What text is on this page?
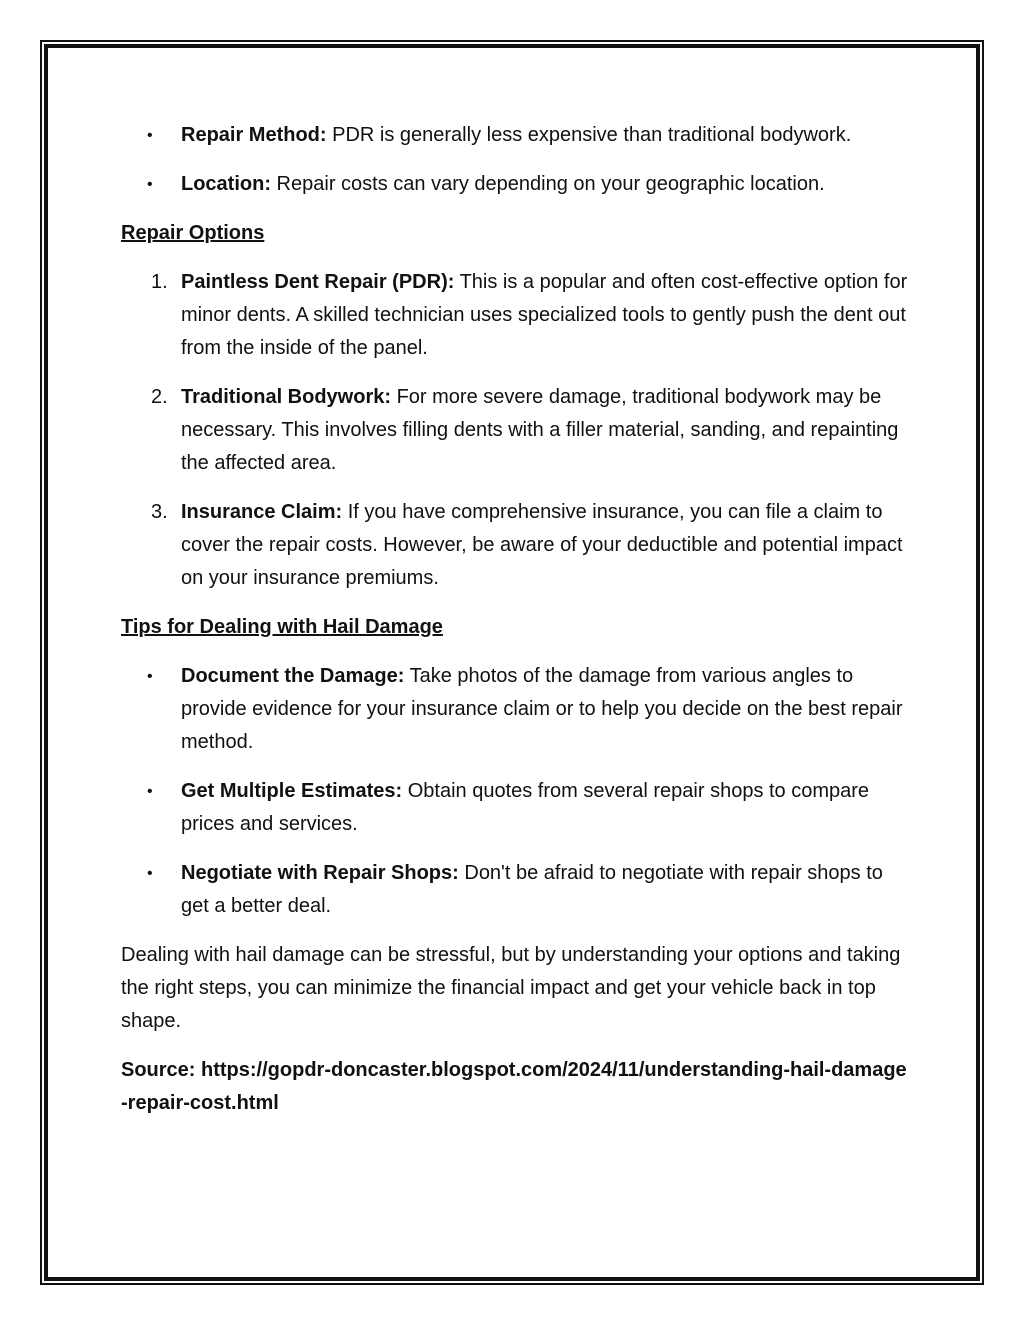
• Repair Method: PDR is generally less expensive than traditional bodywork.
• Location: Repair costs can vary depending on your geographic location.
Repair Options
1. Paintless Dent Repair (PDR): This is a popular and often cost-effective option for minor dents. A skilled technician uses specialized tools to gently push the dent out from the inside of the panel.
2. Traditional Bodywork: For more severe damage, traditional bodywork may be necessary. This involves filling dents with a filler material, sanding, and repainting the affected area.
3. Insurance Claim: If you have comprehensive insurance, you can file a claim to cover the repair costs. However, be aware of your deductible and potential impact on your insurance premiums.
Tips for Dealing with Hail Damage
• Document the Damage: Take photos of the damage from various angles to provide evidence for your insurance claim or to help you decide on the best repair method.
• Get Multiple Estimates: Obtain quotes from several repair shops to compare prices and services.
• Negotiate with Repair Shops: Don't be afraid to negotiate with repair shops to get a better deal.

Dealing with hail damage can be stressful, but by understanding your options and taking the right steps, you can minimize the financial impact and get your vehicle back in top shape.

Source: https://gopdr-doncaster.blogspot.com/2024/11/understanding-hail-damage-repair-cost.html
